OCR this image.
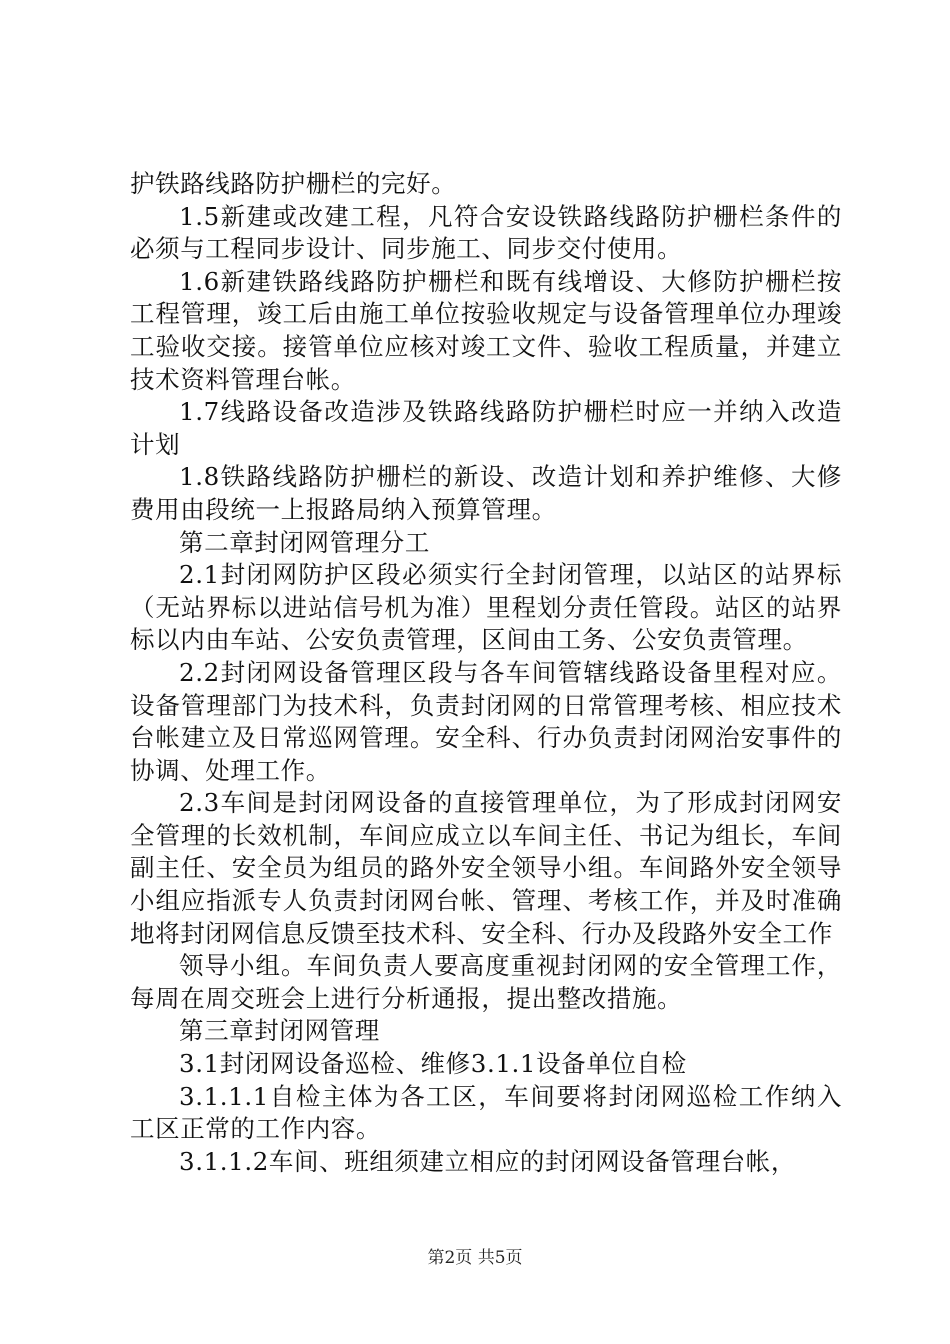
护铁路线路防护栅栏的完好。

1.5新建或改建工程，凡符合安设铁路线路防护栅栏条件的必须与工程同步设计、同步施工、同步交付使用。

1.6新建铁路线路防护栅栏和既有线增设、大修防护栅栏按工程管理，竣工后由施工单位按验收规定与设备管理单位办理竣工验收交接。接管单位应核对竣工文件、验收工程质量，并建立技术资料管理台帐。

1.7线路设备改造涉及铁路线路防护栅栏时应一并纳入改造计划

1.8铁路线路防护栅栏的新设、改造计划和养护维修、大修费用由段统一上报路局纳入预算管理。

第二章封闭网管理分工

2.1封闭网防护区段必须实行全封闭管理，以站区的站界标（无站界标以进站信号机为准）里程划分责任管段。站区的站界标以内由车站、公安负责管理，区间由工务、公安负责管理。

2.2封闭网设备管理区段与各车间管辖线路设备里程对应。设备管理部门为技术科，负责封闭网的日常管理考核、相应技术台帐建立及日常巡网管理。安全科、行办负责封闭网治安事件的协调、处理工作。

2.3车间是封闭网设备的直接管理单位，为了形成封闭网安全管理的长效机制，车间应成立以车间主任、书记为组长，车间副主任、安全员为组员的路外安全领导小组。车间路外安全领导小组应指派专人负责封闭网台帐、管理、考核工作，并及时准确地将封闭网信息反馈至技术科、安全科、行办及段路外安全工作

领导小组。车间负责人要高度重视封闭网的安全管理工作，每周在周交班会上进行分析通报，提出整改措施。

第三章封闭网管理

3.1封闭网设备巡检、维修3.1.1设备单位自检

3.1.1.1自检主体为各工区，车间要将封闭网巡检工作纳入工区正常的工作内容。

3.1.1.2车间、班组须建立相应的封闭网设备管理台帐，

第2页 共5页
